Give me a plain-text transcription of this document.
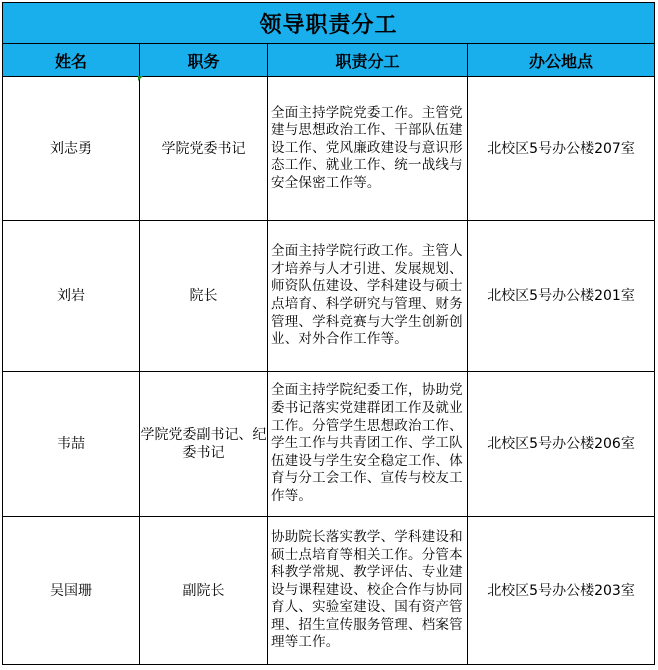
领导职责分工			
姓名	职务	职责分工	办公地点
刘志勇	学院党委书记	全面主持学院党委工作。主管党建与思想政治工作、干部队伍建设工作、党风廉政建设与意识形态工作、就业工作、统一战线与安全保密工作等。	北校区5号办公楼207室
刘岩	院长	全面主持学院行政工作。主管人才培养与人才引进、发展规划、师资队伍建设、学科建设与硕士点培育、科学研究与管理、财务管理、学科竞赛与大学生创新创业、对外合作工作等。	北校区5号办公楼201室
韦喆	学院党委副书记、纪委书记	全面主持学院纪委工作，协助党委书记落实党建群团工作及就业工作。分管学生思想政治工作、学生工作与共青团工作、学工队伍建设与学生安全稳定工作、体育与分工会工作、宣传与校友工作等。	北校区5号办公楼206室
吴国珊	副院长	协助院长落实教学、学科建设和硕士点培育等相关工作。分管本科教学常规、教学评估、专业建设与课程建设、校企合作与协同育人、实验室建设、国有资产管理、招生宣传服务管理、档案管理等工作。	北校区5号办公楼203室
